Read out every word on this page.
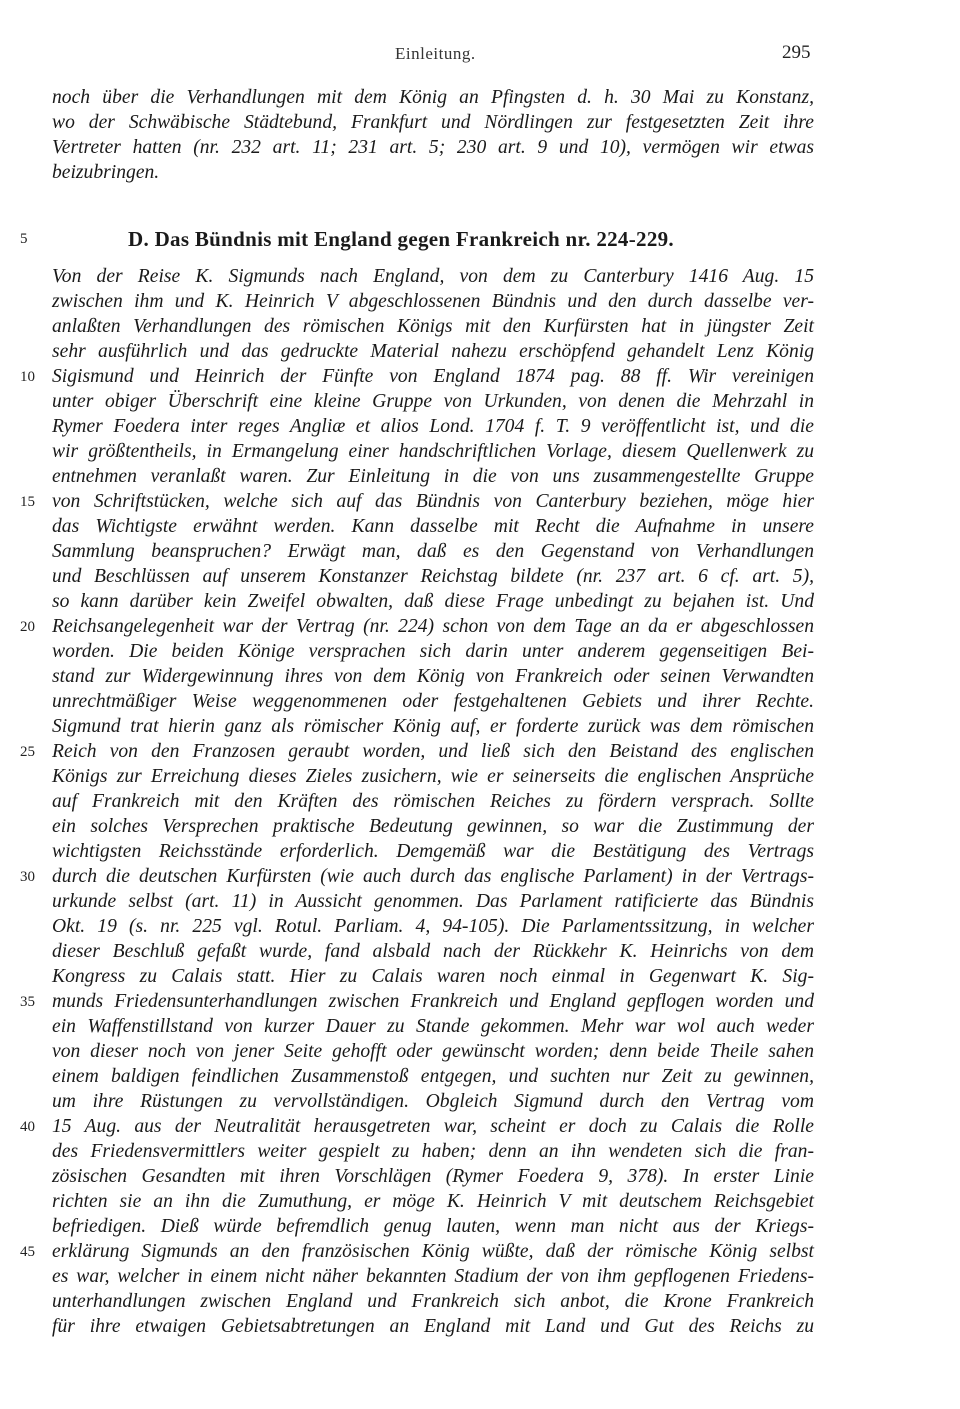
Einleitung.	295
noch über die Verhandlungen mit dem König an Pfingsten d. h. 30 Mai zu Konstanz,
wo der Schwäbische Städtebund, Frankfurt und Nördlingen zur festgesetzten Zeit ihre
Vertreter hatten (nr. 232 art. 11; 231 art. 5; 230 art. 9 und 10), vermögen wir etwas
beizubringen.
D. Das Bündnis mit England gegen Frankreich nr. 224-229.
Von der Reise K. Sigmunds nach England, von dem zu Canterbury 1416 Aug. 15
zwischen ihm und K. Heinrich V abgeschlossenen Bündnis und den durch dasselbe ver-
anlaßten Verhandlungen des römischen Königs mit den Kurfürsten hat in jüngster Zeit
sehr ausführlich und das gedruckte Material nahezu erschöpfend gehandelt Lenz König
Sigismund und Heinrich der Fünfte von England 1874 pag. 88 ff. Wir vereinigen
unter obiger Überschrift eine kleine Gruppe von Urkunden, von denen die Mehrzahl in
Rymer Foedera inter reges Angliæ et alios Lond. 1704 f. T. 9 veröffentlicht ist, und die
wir größtentheils, in Ermangelung einer handschriftlichen Vorlage, diesem Quellenwerk zu
entnehmen veranlaßt waren. Zur Einleitung in die von uns zusammengestellte Gruppe
von Schriftstücken, welche sich auf das Bündnis von Canterbury beziehen, möge hier
das Wichtigste erwähnt werden. Kann dasselbe mit Recht die Aufnahme in unsere
Sammlung beanspruchen? Erwägt man, daß es den Gegenstand von Verhandlungen
und Beschlüssen auf unserem Konstanzer Reichstag bildete (nr. 237 art. 6 cf. art. 5),
so kann darüber kein Zweifel obwalten, daß diese Frage unbedingt zu bejahen ist. Und
Reichsangelegenheit war der Vertrag (nr. 224) schon von dem Tage an da er abgeschlossen
worden. Die beiden Könige versprachen sich darin unter anderem gegenseitigen Bei-
stand zur Widergewinnung ihres von dem König von Frankreich oder seinen Verwandten
unrechtmäßiger Weise weggenommenen oder festgehaltenen Gebiets und ihrer Rechte.
Sigmund trat hierin ganz als römischer König auf, er forderte zurück was dem römischen
Reich von den Franzosen geraubt worden, und ließ sich den Beistand des englischen
Königs zur Erreichung dieses Zieles zusichern, wie er seinerseits die englischen Ansprüche
auf Frankreich mit den Kräften des römischen Reiches zu fördern versprach. Sollte
ein solches Versprechen praktische Bedeutung gewinnen, so war die Zustimmung der
wichtigsten Reichsstände erforderlich. Demgemäß war die Bestätigung des Vertrags
durch die deutschen Kurfürsten (wie auch durch das englische Parlament) in der Vertrags-
urkunde selbst (art. 11) in Aussicht genommen. Das Parlament ratificierte das Bündnis
Okt. 19 (s. nr. 225 vgl. Rotul. Parliam. 4, 94-105). Die Parlamentssitzung, in welcher
dieser Beschluß gefaßt wurde, fand alsbald nach der Rückkehr K. Heinrichs von dem
Kongress zu Calais statt. Hier zu Calais waren noch einmal in Gegenwart K. Sig-
munds Friedensunterhandlungen zwischen Frankreich und England gepflogen worden und
ein Waffenstillstand von kurzer Dauer zu Stande gekommen. Mehr war wol auch weder
von dieser noch von jener Seite gehofft oder gewünscht worden; denn beide Theile sahen
einem baldigen feindlichen Zusammenstoß entgegen, und suchten nur Zeit zu gewinnen,
um ihre Rüstungen zu vervollständigen. Obgleich Sigmund durch den Vertrag vom
15 Aug. aus der Neutralität herausgetreten war, scheint er doch zu Calais die Rolle
des Friedensvermittlers weiter gespielt zu haben; denn an ihn wendeten sich die fran-
zösischen Gesandten mit ihren Vorschlägen (Rymer Foedera 9, 378). In erster Linie
richten sie an ihn die Zumuthung, er möge K. Heinrich V mit deutschem Reichsgebiet
befriedigen. Dieß würde befremdlich genug lauten, wenn man nicht aus der Kriegs-
erklärung Sigmunds an den französischen König wüßte, daß der römische König selbst
es war, welcher in einem nicht näher bekannten Stadium der von ihm gepflogenen Friedens-
unterhandlungen zwischen England und Frankreich sich anbot, die Krone Frankreich
für ihre etwaigen Gebietsabtretungen an England mit Land und Gut des Reichs zu
5
10
15
20
25
30
35
40
45
